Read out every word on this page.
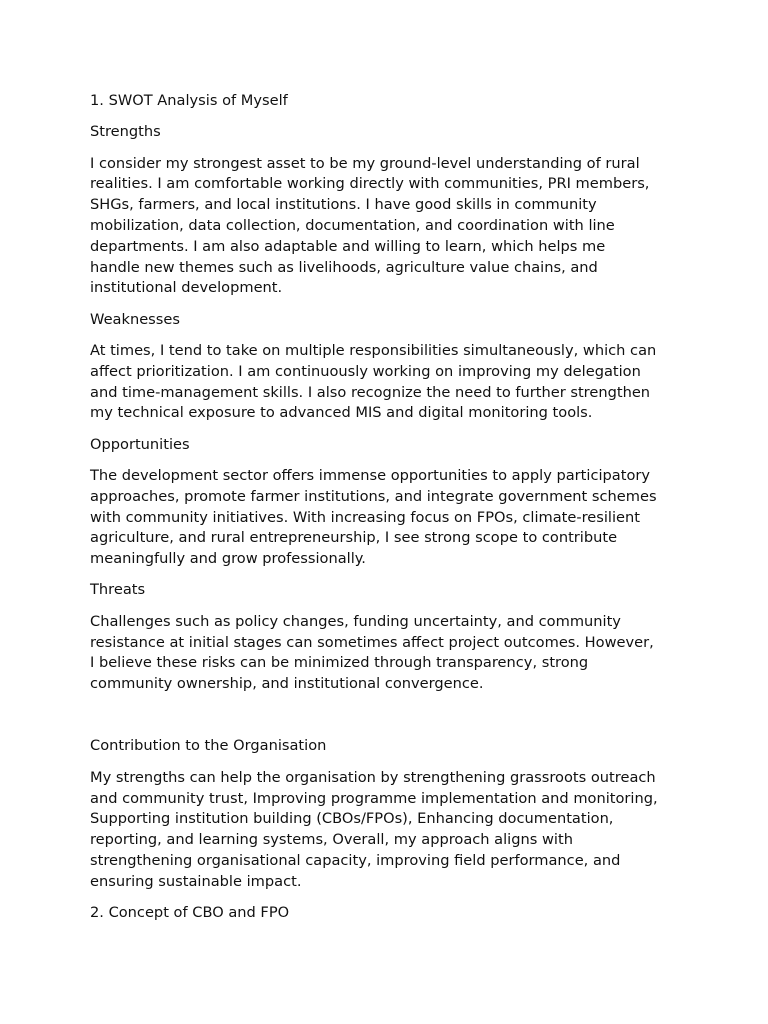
1. SWOT Analysis of Myself
Strengths
I consider my strongest asset to be my ground-level understanding of rural
realities. I am comfortable working directly with communities, PRI members,
SHGs, farmers, and local institutions. I have good skills in community
mobilization, data collection, documentation, and coordination with line
departments. I am also adaptable and willing to learn, which helps me
handle new themes such as livelihoods, agriculture value chains, and
institutional development.
Weaknesses
At times, I tend to take on multiple responsibilities simultaneously, which can
affect prioritization. I am continuously working on improving my delegation
and time-management skills. I also recognize the need to further strengthen
my technical exposure to advanced MIS and digital monitoring tools.
Opportunities
The development sector offers immense opportunities to apply participatory
approaches, promote farmer institutions, and integrate government schemes
with community initiatives. With increasing focus on FPOs, climate-resilient
agriculture, and rural entrepreneurship, I see strong scope to contribute
meaningfully and grow professionally.
Threats
Challenges such as policy changes, funding uncertainty, and community
resistance at initial stages can sometimes affect project outcomes. However,
I believe these risks can be minimized through transparency, strong
community ownership, and institutional convergence.
Contribution to the Organisation
My strengths can help the organisation by strengthening grassroots outreach
and community trust, Improving programme implementation and monitoring,
Supporting institution building (CBOs/FPOs), Enhancing documentation,
reporting, and learning systems, Overall, my approach aligns with
strengthening organisational capacity, improving field performance, and
ensuring sustainable impact.
2. Concept of CBO and FPO
